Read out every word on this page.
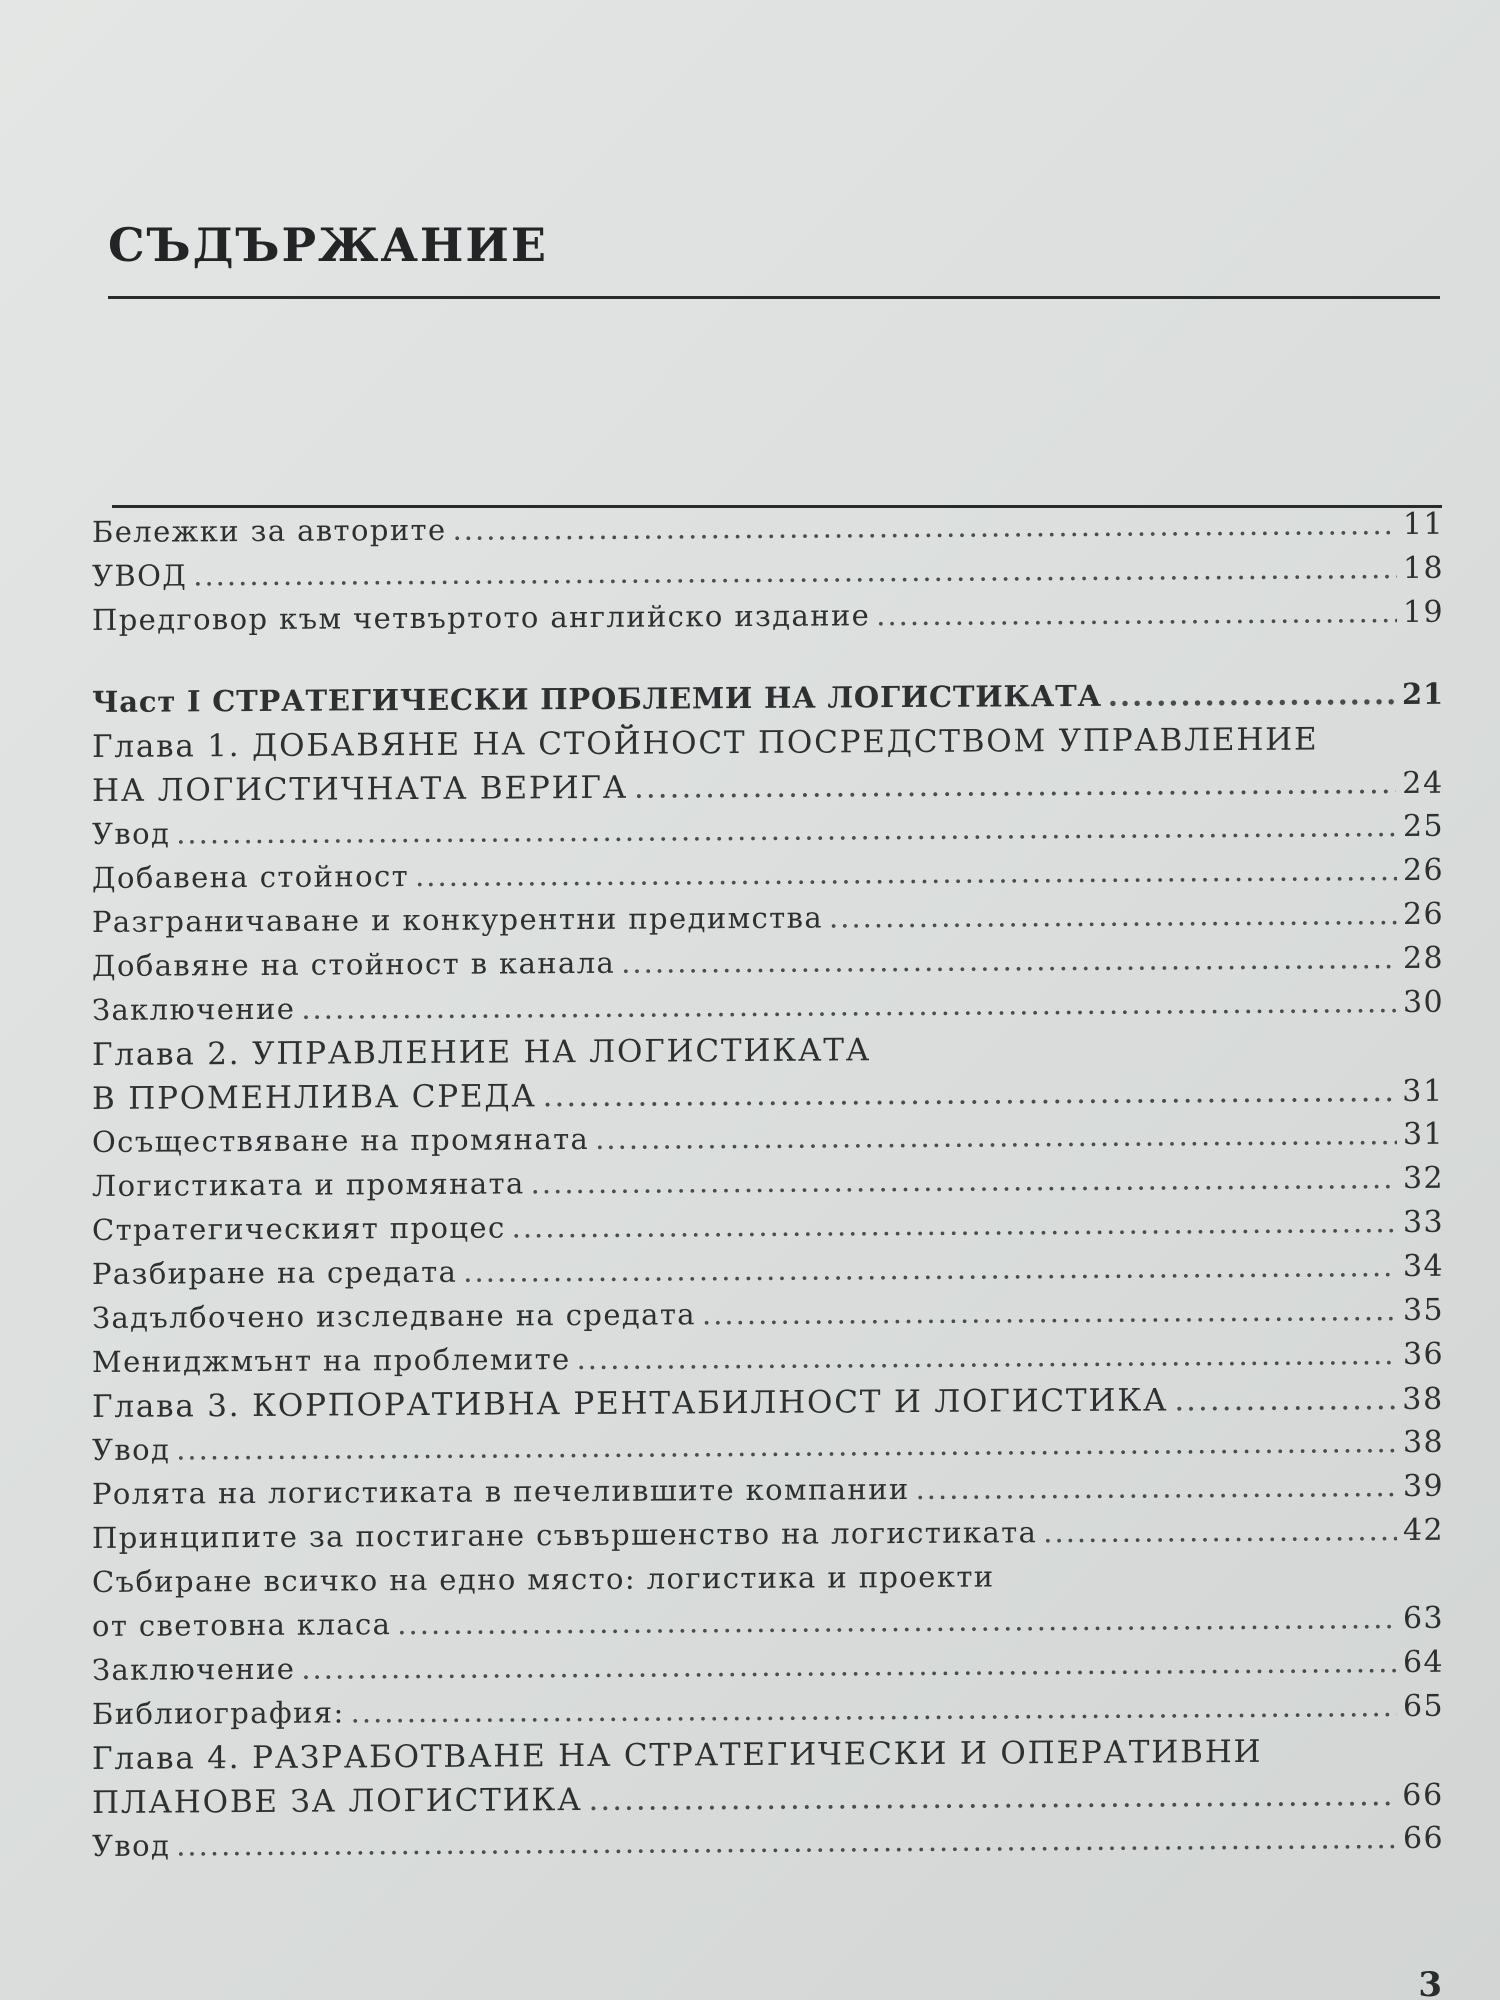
СЪДЪРЖАНИЕ
Бележки за авторите .....	11
УВОД .....	18
Предговор към четвъртото английско издание .....	19
Част I СТРАТЕГИЧЕСКИ ПРОБЛЕМИ НА ЛОГИСТИКАТА .....	21
Глава 1. ДОБАВЯНЕ НА СТОЙНОСТ ПОСРЕДСТВОМ УПРАВЛЕНИЕ
НА ЛОГИСТИЧНАТА ВЕРИГА .....	24
Увод .....	25
Добавена стойност .....	26
Разграничаване и конкурентни предимства .....	26
Добавяне на стойност в канала .....	28
Заключение .....	30
Глава 2. УПРАВЛЕНИЕ НА ЛОГИСТИКАТА
В ПРОМЕНЛИВА СРЕДА .....	31
Осъществяване на промяната .....	31
Логистиката и промяната .....	32
Стратегическият процес .....	33
Разбиране на средата .....	34
Задълбочено изследване на средата .....	35
Мениджмънт на проблемите .....	36
Глава 3. КОРПОРАТИВНА РЕНТАБИЛНОСТ И ЛОГИСТИКА .....	38
Увод .....	38
Ролята на логистиката в печелившите компании .....	39
Принципите за постигане съвършенство на логистиката .....	42
Събиране всичко на едно място: логистика и проекти
от световна класа .....	63
Заключение .....	64
Библиография: .....	65
Глава 4. РАЗРАБОТВАНЕ НА СТРАТЕГИЧЕСКИ И ОПЕРАТИВНИ
ПЛАНОВЕ ЗА ЛОГИСТИКА .....	66
Увод .....	66
3
